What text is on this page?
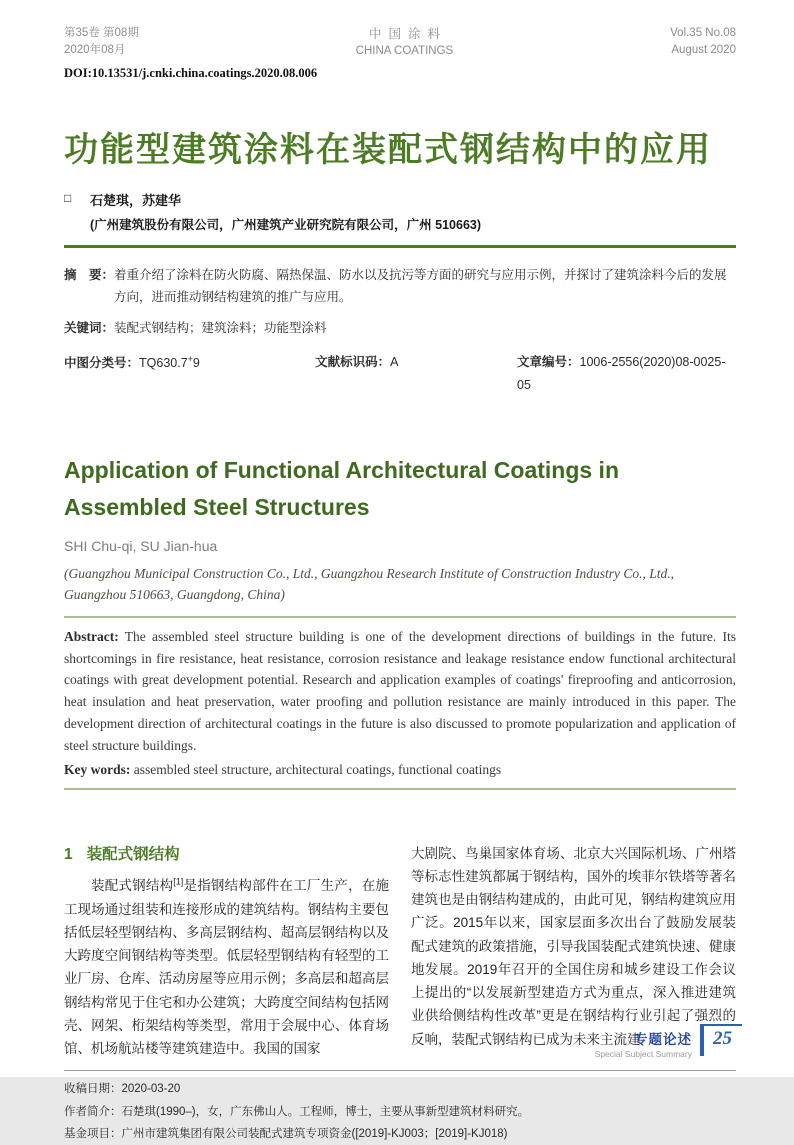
第35卷 第08期
2020年08月
中国涂料
CHINA COATINGS
Vol.35 No.08
August 2020
DOI:10.13531/j.cnki.china.coatings.2020.08.006
功能型建筑涂料在装配式钢结构中的应用
□	石楚琪，苏建华
(广州建筑股份有限公司，广州建筑产业研究院有限公司，广州 510663)

摘　要：着重介绍了涂料在防火防腐、隔热保温、防水以及抗污等方面的研究与应用示例，并探讨了建筑涂料今后的发展方向，进而推动钢结构建筑的推广与应用。

关键词：装配式钢结构；建筑涂料；功能型涂料

中图分类号：TQ630.7+9	文献标识码：A	文章编号：1006-2556(2020)08-0025-05
Application of Functional Architectural Coatings in Assembled Steel Structures
SHI Chu-qi, SU Jian-hua
(Guangzhou Municipal Construction Co., Ltd., Guangzhou Research Institute of Construction Industry Co., Ltd., Guangzhou 510663, Guangdong, China)

Abstract: The assembled steel structure building is one of the development directions of buildings in the future. Its shortcomings in fire resistance, heat resistance, corrosion resistance and leakage resistance endow functional architectural coatings with great development potential. Research and application examples of coatings' fireproofing and anticorrosion, heat insulation and heat preservation, water proofing and pollution resistance are mainly introduced in this paper. The development direction of architectural coatings in the future is also discussed to promote popularization and application of steel structure buildings.

Key words: assembled steel structure, architectural coatings, functional coatings

1 装配式钢结构

装配式钢结构[1]是指钢结构部件在工厂生产，在施工现场通过组装和连接形成的建筑结构。钢结构主要包括低层轻型钢结构、多高层钢结构、超高层钢结构以及大跨度空间钢结构等类型。低层轻型钢结构有轻型的工业厂房、仓库、活动房屋等应用示例；多高层和超高层钢结构常见于住宅和办公建筑；大跨度空间结构包括网壳、网架、桁架结构等类型，常用于会展中心、体育场馆、机场航站楼等建筑建造中。我国的国家

大剧院、鸟巢国家体育场、北京大兴国际机场、广州塔等标志性建筑都属于钢结构，国外的埃菲尔铁塔等著名建筑也是由钢结构建成的，由此可见，钢结构建筑应用广泛。2015年以来，国家层面多次出台了鼓励发展装配式建筑的政策措施，引导我国装配式建筑快速、健康地发展。2019年召开的全国住房和城乡建设工作会议上提出的“以发展新型建造方式为重点，深入推进建筑业供给侧结构性改革”更是在钢结构行业引起了强烈的反响，装配式钢结构已成为未来主流建

收稿日期：2020-03-20
作者简介：石楚琪(1990–)，女，广东佛山人。工程师，博士，主要从事新型建筑材料研究。
基金项目：广州市建筑集团有限公司装配式建筑专项资金([2019]-KJ003；[2019]-KJ018)
专题论述
Special Subject Summary
25
